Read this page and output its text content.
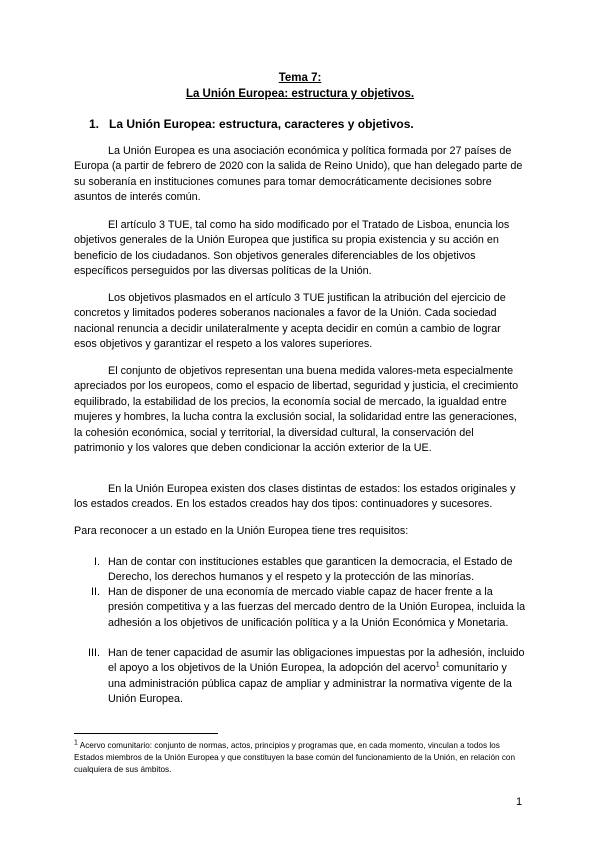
Tema 7:
La Unión Europea: estructura y objetivos.
1. La Unión Europea: estructura, caracteres y objetivos.
La Unión Europea es una asociación económica y política formada por 27 países de Europa (a partir de febrero de 2020 con la salida de Reino Unido), que han delegado parte de su soberanía en instituciones comunes para tomar democráticamente decisiones sobre asuntos de interés común.
El artículo 3 TUE, tal como ha sido modificado por el Tratado de Lisboa, enuncia los objetivos generales de la Unión Europea que justifica su propia existencia y su acción en beneficio de los ciudadanos. Son objetivos generales diferenciables de los objetivos específicos perseguidos por las diversas políticas de la Unión.
Los objetivos plasmados en el artículo 3 TUE justifican la atribución del ejercicio de concretos y limitados poderes soberanos nacionales a favor de la Unión. Cada sociedad nacional renuncia a decidir unilateralmente y acepta decidir en común a cambio de lograr esos objetivos y garantizar el respeto a los valores superiores.
El conjunto de objetivos representan una buena medida valores-meta especialmente apreciados por los europeos, como el espacio de libertad, seguridad y justicia, el crecimiento equilibrado, la estabilidad de los precios, la economía social de mercado, la igualdad entre mujeres y hombres, la lucha contra la exclusión social, la solidaridad entre las generaciones, la cohesión económica, social y territorial, la diversidad cultural, la conservación del patrimonio y los valores que deben condicionar la acción exterior de la UE.
En la Unión Europea existen dos clases distintas de estados: los estados originales y los estados creados. En los estados creados hay dos tipos: continuadores y sucesores.
Para reconocer a un estado en la Unión Europea tiene tres requisitos:
I. Han de contar con instituciones estables que garanticen la democracia, el Estado de Derecho, los derechos humanos y el respeto y la protección de las minorías.
II. Han de disponer de una economía de mercado viable capaz de hacer frente a la presión competitiva y a las fuerzas del mercado dentro de la Unión Europea, incluida la adhesión a los objetivos de unificación política y a la Unión Económica y Monetaria.
III. Han de tener capacidad de asumir las obligaciones impuestas por la adhesión, incluido el apoyo a los objetivos de la Unión Europea, la adopción del acervo$^1$ comunitario y una administración pública capaz de ampliar y administrar la normativa vigente de la Unión Europea.
$^1$ Acervo comunitario: conjunto de normas, actos, principios y programas que, en cada momento, vinculan a todos los Estados miembros de la Unión Europea y que constituyen la base común del funcionamiento de la Unión, en relación con cualquiera de sus ámbitos.
1
